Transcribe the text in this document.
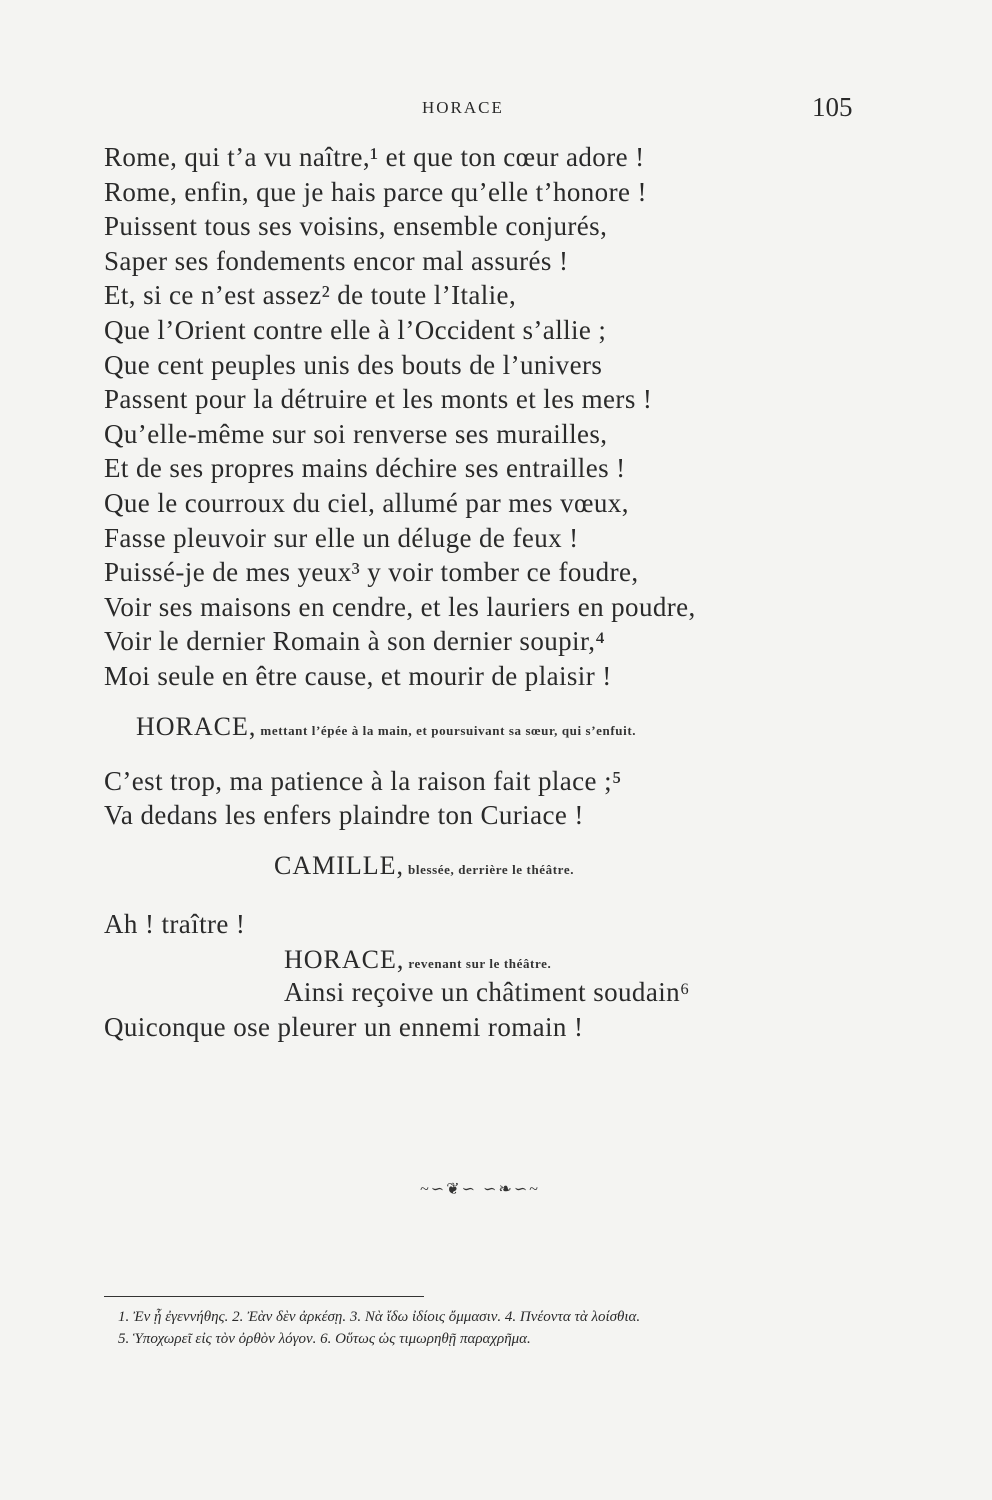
HORACE	105
Rome, qui t’a vu naître,¹ et que ton cœur adore !
Rome, enfin, que je hais parce qu’elle t’honore !
Puissent tous ses voisins, ensemble conjurés,
Saper ses fondements encor mal assurés !
Et, si ce n’est assez² de toute l’Italie,
Que l’Orient contre elle à l’Occident s’allie ;
Que cent peuples unis des bouts de l’univers
Passent pour la détruire et les monts et les mers !
Qu’elle-même sur soi renverse ses murailles,
Et de ses propres mains déchire ses entrailles !
Que le courroux du ciel, allumé par mes vœux,
Fasse pleuvoir sur elle un déluge de feux !
Puissé-je de mes yeux³ y voir tomber ce foudre,
Voir ses maisons en cendre, et les lauriers en poudre,
Voir le dernier Romain à son dernier soupir,⁴
Moi seule en être cause, et mourir de plaisir !
HORACE, mettant l’épée à la main, et poursuivant sa sœur, qui s’enfuit.
C’est trop, ma patience à la raison fait place ;⁵
Va dedans les enfers plaindre ton Curiace !
CAMILLE, blessée, derrière le théâtre.
Ah ! traître !
HORACE, revenant sur le théâtre.
Ainsi reçoive un châtiment soudain⁶
Quiconque ose pleurer un ennemi romain !
~∽❦∽ ∽❧∽~
1. Ἐν ᾗ ἐγεννήθης. 2. Ἐὰν δὲν ἀρκέσῃ. 3. Νὰ ἴδω ἰδίοις ὄμμασιν. 4. Πνέοντα τὰ λοίσθια.
5. Ὑποχωρεῖ εἰς τὸν ὀρθὸν λόγον. 6. Οὕτως ὡς τιμωρηθῇ παραχρῆμα.
